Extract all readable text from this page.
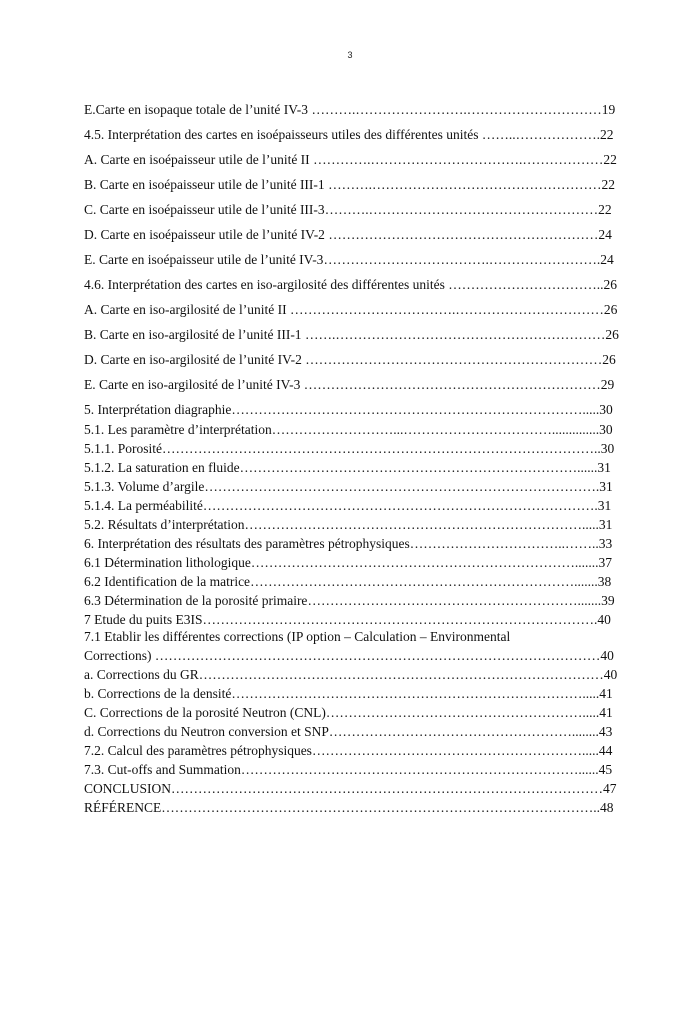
3
E.Carte en isopaque totale de l’unité IV-3 ……….…………………….…………………………19
4.5. Interprétation des cartes en isoépaisseurs utiles des différentes unités ……..……………….22
A. Carte en isoépaisseur utile de l’unité II ………….…………………………….………………22
B. Carte en isoépaisseur utile de l’unité III-1 ……….……………………………………………22
C. Carte en isoépaisseur utile de l’unité III-3……….……………………………………………22
D. Carte en isoépaisseur utile de l’unité IV-2 ……………………………………………………24
E. Carte en isoépaisseur utile de l’unité IV-3……………………………….…………………….24
4.6. Interprétation des cartes en iso-argilosité des différentes unités ……………………………..26
A. Carte en iso-argilosité de l’unité II ……………………………….……………………………26
B. Carte en iso-argilosité de l’unité III-1 …….……………………………………………………26
D. Carte en iso-argilosité de l’unité IV-2 …………………………………………………………26
E. Carte en iso-argilosité de l’unité IV-3 …………………………………………………………29
5. Interprétation diagraphie…………………………………………………………………….....30
5.1. Les paramètre d’interprétation………………………...……………………………..............30
5.1.1. Porosité……………………………………………………………………………………..30
5.1.2. La saturation en fluide…………………………………………………………………......31
5.1.3. Volume d’argile…………………………………………………………………………….31
5.1.4. La perméabilité…………………………………………………………………………….31
5.2. Résultats d’interprétation………………………………………………………………….....31
6. Interprétation des résultats des paramètres pétrophysiques……………………………..……..33
6.1 Détermination lithologique……………………………………………………………….......37
6.2 Identification de la matrice……………………………………………………………….......38
6.3 Détermination de la porosité primaire…………………………………………………….......39
7 Etude du puits E3IS…………………………………………………………………………….40
7.1 Etablir les différentes corrections (IP option – Calculation – Environmental
Corrections) ………………………………………………………………………………………40
a. Corrections du GR………………………………………………………………………………40
b. Corrections de la densité…………………………………………………………………….....41
C. Corrections de la porosité Neutron (CNL)………………………………………………….....41
d. Corrections du Neutron conversion et SNP………………………………………………........43
7.2. Calcul des paramètres pétrophysiques…………………………………………………….....44
7.3. Cut-offs and Summation…………………………………………………………………......45
CONCLUSION……………………………………………………………………………………47
RÉFÉRENCE……………………………………………………………………………………..48
